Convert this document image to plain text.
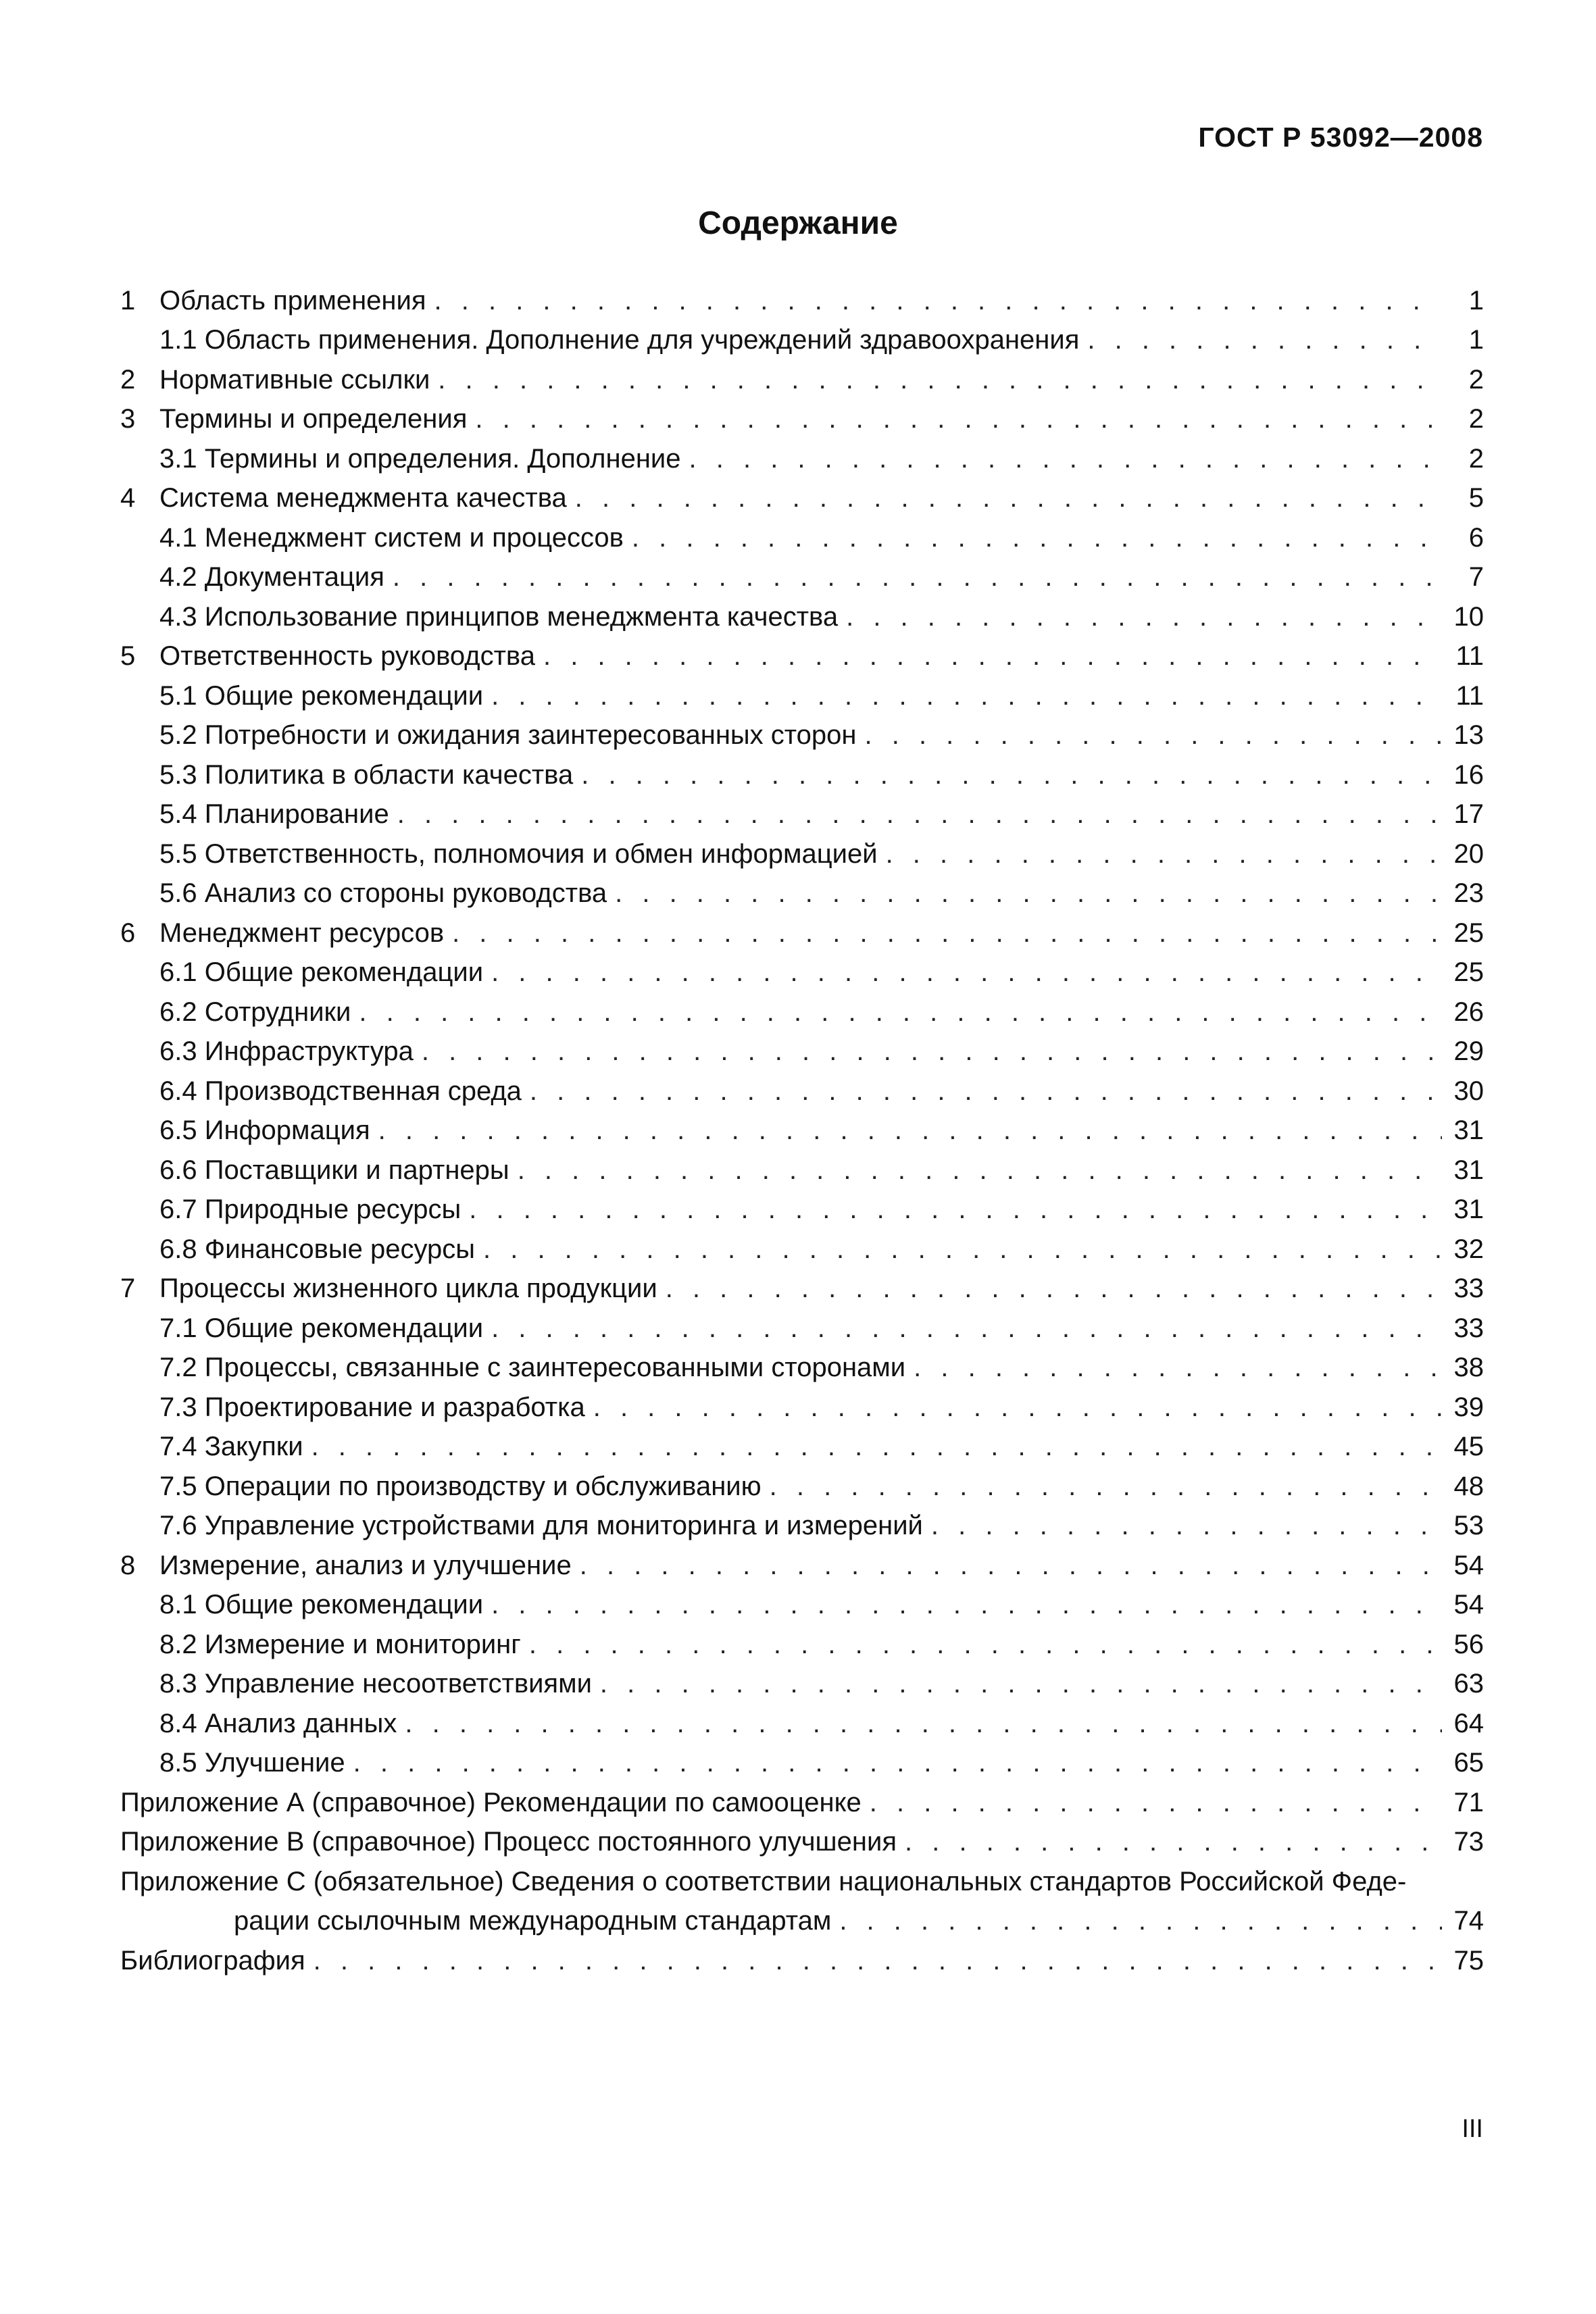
ГОСТ Р 53092—2008
Содержание
1 Область применения . . .	1
1.1 Область применения. Дополнение для учреждений здравоохранения . . .	1
2 Нормативные ссылки . . .	2
3 Термины и определения . . .	2
3.1 Термины и определения. Дополнение . . .	2
4 Система менеджмента качества . . .	5
4.1 Менеджмент систем и процессов . . .	6
4.2 Документация . . .	7
4.3 Использование принципов менеджмента качества . . .	10
5 Ответственность руководства . . .	11
5.1 Общие рекомендации . . .	11
5.2 Потребности и ожидания заинтересованных сторон . . .	13
5.3 Политика в области качества . . .	16
5.4 Планирование . . .	17
5.5 Ответственность, полномочия и обмен информацией . . .	20
5.6 Анализ со стороны руководства . . .	23
6 Менеджмент ресурсов . . .	25
6.1 Общие рекомендации . . .	25
6.2 Сотрудники . . .	26
6.3 Инфраструктура . . .	29
6.4 Производственная среда . . .	30
6.5 Информация . . .	31
6.6 Поставщики и партнеры . . .	31
6.7 Природные ресурсы . . .	31
6.8 Финансовые ресурсы . . .	32
7 Процессы жизненного цикла продукции . . .	33
7.1 Общие рекомендации . . .	33
7.2 Процессы, связанные с заинтересованными сторонами . . .	38
7.3 Проектирование и разработка . . .	39
7.4 Закупки . . .	45
7.5 Операции по производству и обслуживанию . . .	48
7.6 Управление устройствами для мониторинга и измерений . . .	53
8 Измерение, анализ и улучшение . . .	54
8.1 Общие рекомендации . . .	54
8.2 Измерение и мониторинг . . .	56
8.3 Управление несоответствиями . . .	63
8.4 Анализ данных . . .	64
8.5 Улучшение . . .	65
Приложение А (справочное) Рекомендации по самооценке . . .	71
Приложение В (справочное) Процесс постоянного улучшения . . .	73
Приложение С (обязательное) Сведения о соответствии национальных стандартов Российской Феде-
рации ссылочным международным стандартам . . .	74
Библиография . . .	75
III
